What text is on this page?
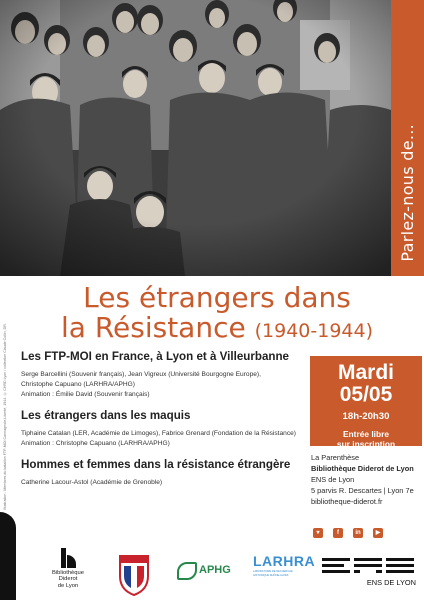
Parlez-nous de...
Les étrangers dans
la Résistance (1940-1944)
Illustration : Membres du bataillon FTP-MOI Carmagnole-Liberté, 1944. © CHRD Lyon / collection Claude Collin, DR.	Les FTP-MOI en France, à Lyon et à Villeurbanne

Serge Barcellini (Souvenir français), Jean Vigreux (Université Bourgogne Europe),

Christophe Capuano (LARHRA/APHG)

Animation : Émilie David (Souvenir français)

Les étrangers dans les maquis

Tiphaine Catalan (LER, Académie de Limoges), Fabrice Grenard (Fondation de la Résistance)

Animation : Christophe Capuano (LARHRA/APHG)

Hommes et femmes dans la résistance étrangère

Catherine Lacour-Astol (Académie de Grenoble)

Mardi
05/05
18h-20h30
Entrée libre
sur inscription
La Parenthèse
Bibliothèque Diderot de Lyon
ENS de Lyon
5 parvis R. Descartes | Lyon 7e
bibliotheque-diderot.fr
▾	f	in	▶
Bibliothèque
Diderot
de Lyon
APHG
LARHRA
LABORATOIRE DE RECHERCHE
HISTORIQUE RHÔNE-ALPES
ENS DE LYON
